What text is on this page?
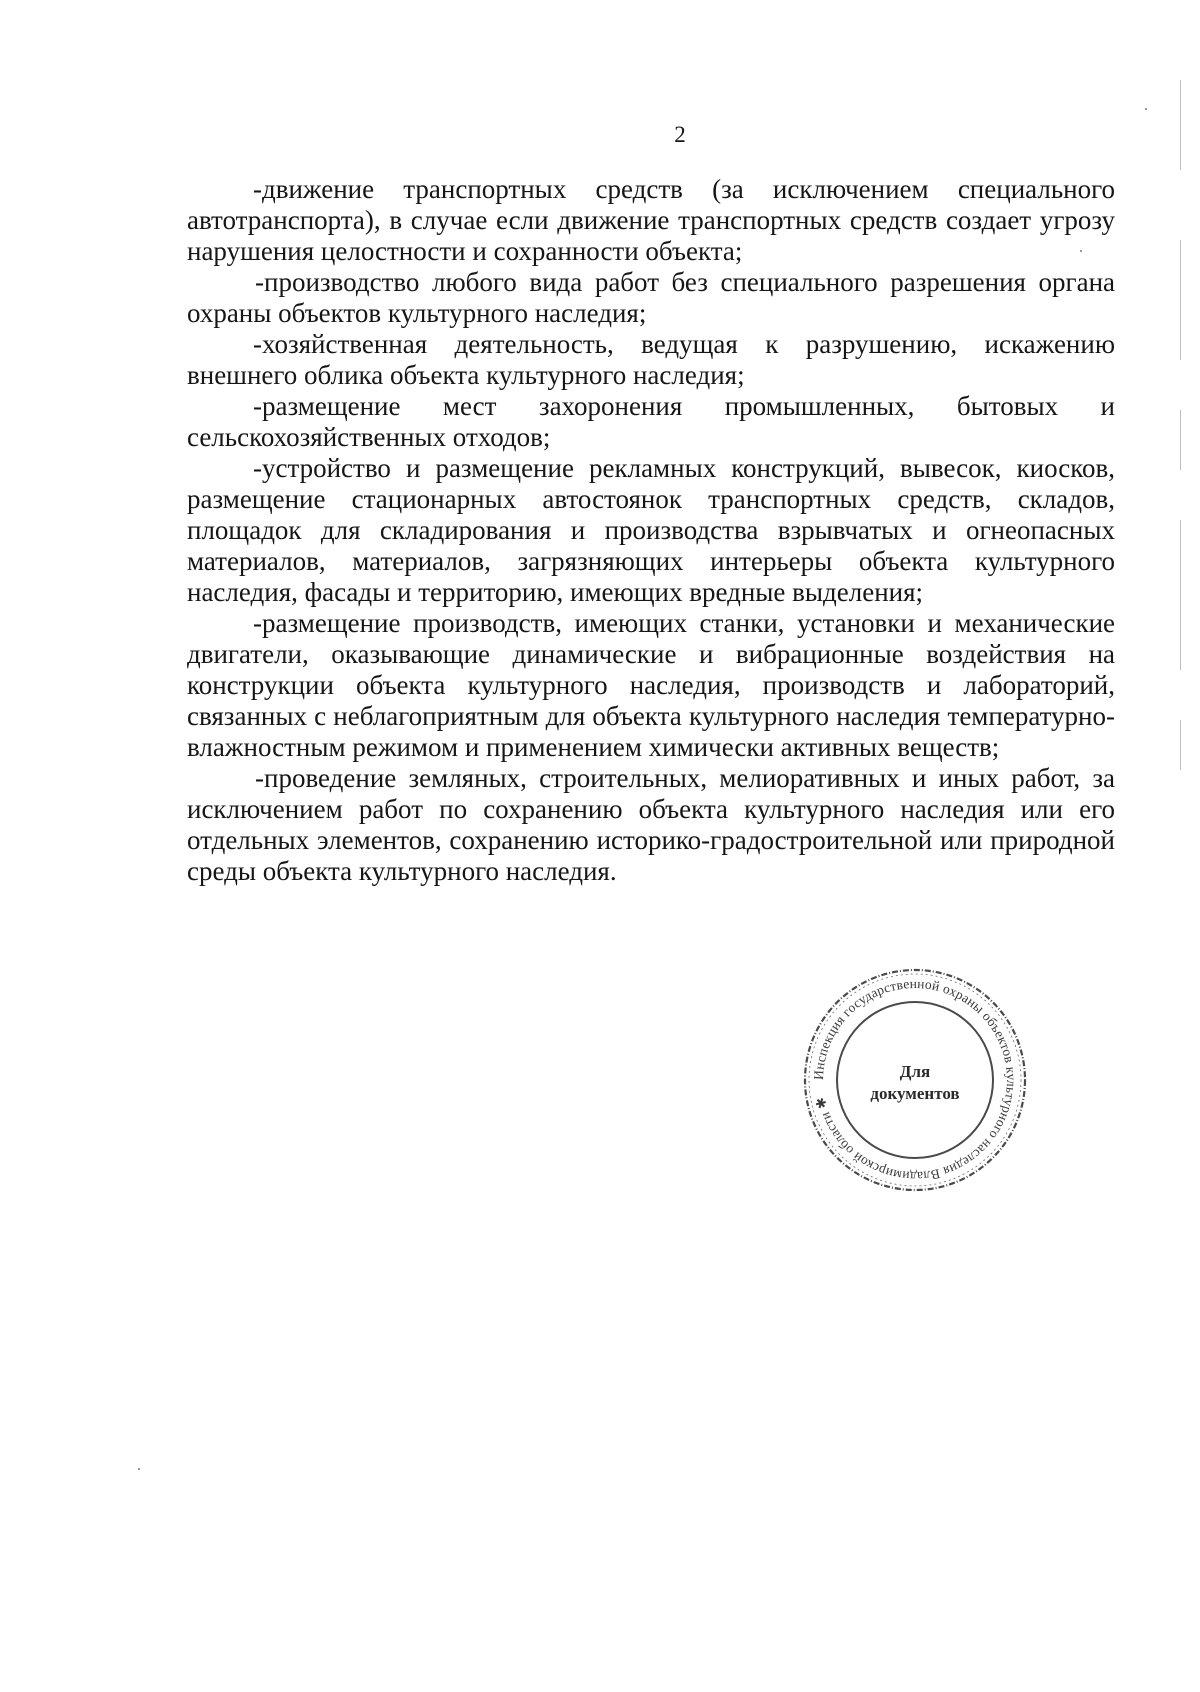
2

-движение транспортных средств (за исключением специального автотранспорта), в случае если движение транспортных средств создает угрозу нарушения целостности и сохранности объекта;

-производство любого вида работ без специального разрешения органа охраны объектов культурного наследия;

-хозяйственная деятельность, ведущая к разрушению, искажению внешнего облика объекта культурного наследия;

-размещение мест захоронения промышленных, бытовых и сельскохозяйственных отходов;

-устройство и размещение рекламных конструкций, вывесок, киосков, размещение стационарных автостоянок транспортных средств, складов, площадок для складирования и производства взрывчатых и огнеопасных материалов, материалов, загрязняющих интерьеры объекта культурного наследия, фасады и территорию, имеющих вредные выделения;

-размещение производств, имеющих станки, установки и механические двигатели, оказывающие динамические и вибрационные воздействия на конструкции объекта культурного наследия, производств и лабораторий, связанных с неблагоприятным для объекта культурного наследия температурно-влажностным режимом и применением химически активных веществ;

-проведение земляных, строительных, мелиоративных и иных работ, за исключением работ по сохранению объекта культурного наследия или его отдельных элементов, сохранению историко-градостроительной или природной среды объекта культурного наследия.

Инспекция государственной охраны объектов культурного наследия Владимирской области ✱
Для
документов
